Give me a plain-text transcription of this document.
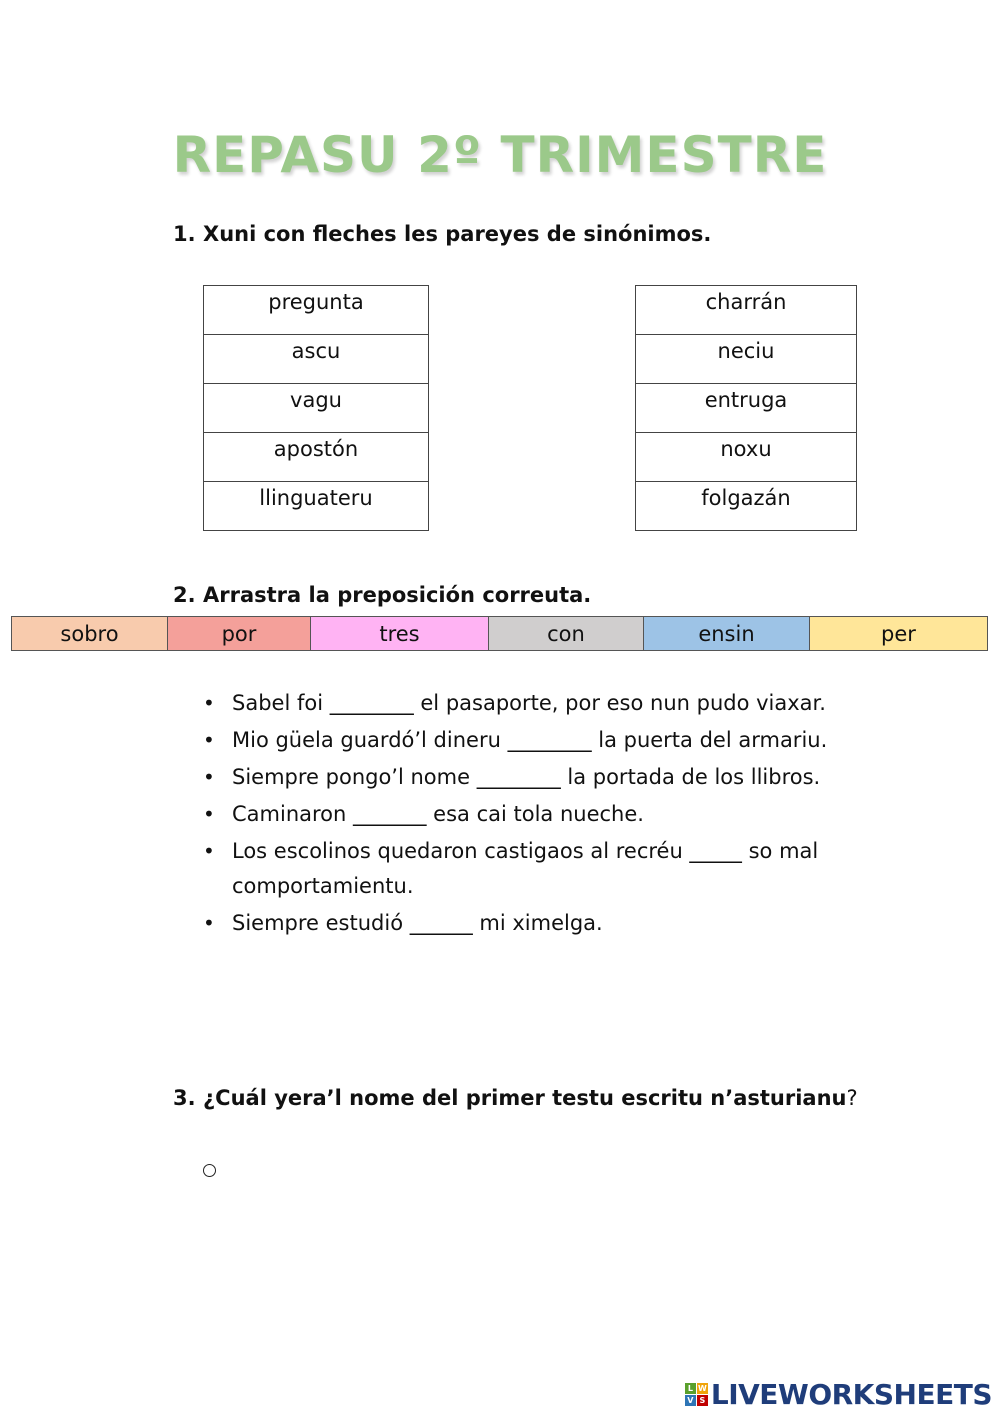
REPASU 2º TRIMESTRE
1. Xuni con fleches les pareyes de sinónimos.
pregunta
ascu
vagu
apostón
llinguateru
charrán
neciu
entruga
noxu
folgazán
2. Arrastra la preposición correuta.
sobro	por	tres	con	ensin	per
• Sabel foi ________ el pasaporte, por eso nun pudo viaxar.
• Mio güela guardó’l dineru ________ la puerta del armariu.
• Siempre pongo’l nome ________ la portada de los llibros.
• Caminaron _______ esa cai tola nueche.
• Los escolinos quedaron castigaos al recréu _____ so mal comportamientu.
• Siempre estudió ______ mi ximelga.
3. ¿Cuál yera’l nome del primer testu escritu n’asturianu?
L W
V S LIVEWORKSHEETS
